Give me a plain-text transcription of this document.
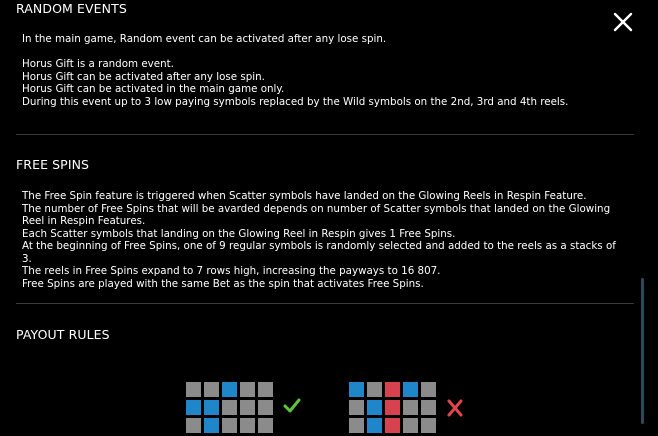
RANDOM EVENTS
In the main game, Random event can be activated after any lose spin.
Horus Gift is a random event.
Horus Gift can be activated after any lose spin.
Horus Gift can be activated in the main game only.
During this event up to 3 low paying symbols replaced by the Wild symbols on the 2nd, 3rd and 4th reels.
FREE SPINS
The Free Spin feature is triggered when Scatter symbols have landed on the Glowing Reels in Respin Feature.
The number of Free Spins that will be avarded depends on number of Scatter symbols that landed on the Glowing Reel in Respin Features.
Each Scatter symbols that landing on the Glowing Reel in Respin gives 1 Free Spins.
At the beginning of Free Spins, one of 9 regular symbols is randomly selected and added to the reels as a stacks of 3.
The reels in Free Spins expand to 7 rows high, increasing the payways to 16 807.
Free Spins are played with the same Bet as the spin that activates Free Spins.
PAYOUT RULES
